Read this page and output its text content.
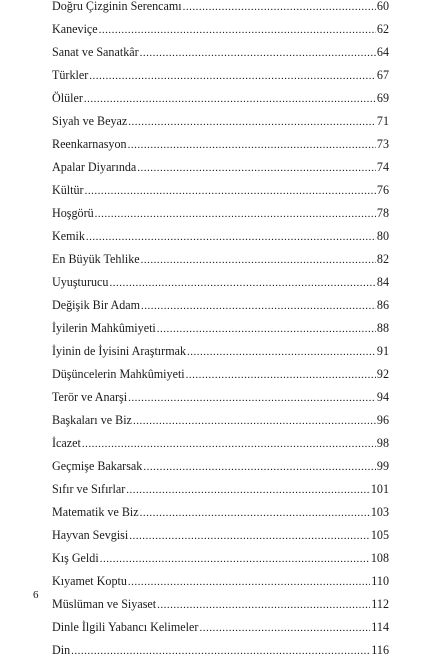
Doğru Çizginin Serencamı .....	60
Kaneviçe .....	62
Sanat ve Sanatkâr .....	64
Türkler .....	67
Ölüler .....	69
Siyah ve Beyaz .....	71
Reenkarnasyon .....	73
Apalar Diyarında .....	74
Kültür .....	76
Hoşgörü .....	78
Kemik .....	80
En Büyük Tehlike .....	82
Uyuşturucu .....	84
Değişik Bir Adam .....	86
İyilerin Mahkûmiyeti .....	88
İyinin de İyisini Araştırmak .....	91
Düşüncelerin Mahkûmiyeti .....	92
Terör ve Anarşi .....	94
Başkaları ve Biz .....	96
İcazet .....	98
Geçmişe Bakarsak .....	99
Sıfır ve Sıfırlar .....	101
Matematik ve Biz .....	103
Hayvan Sevgisi .....	105
Kış Geldi .....	108
Kıyamet Koptu .....	110
Müslüman ve Siyaset .....	112
Dinle İlgili Yabancı Kelimeler .....	114
Din .....	116
6
